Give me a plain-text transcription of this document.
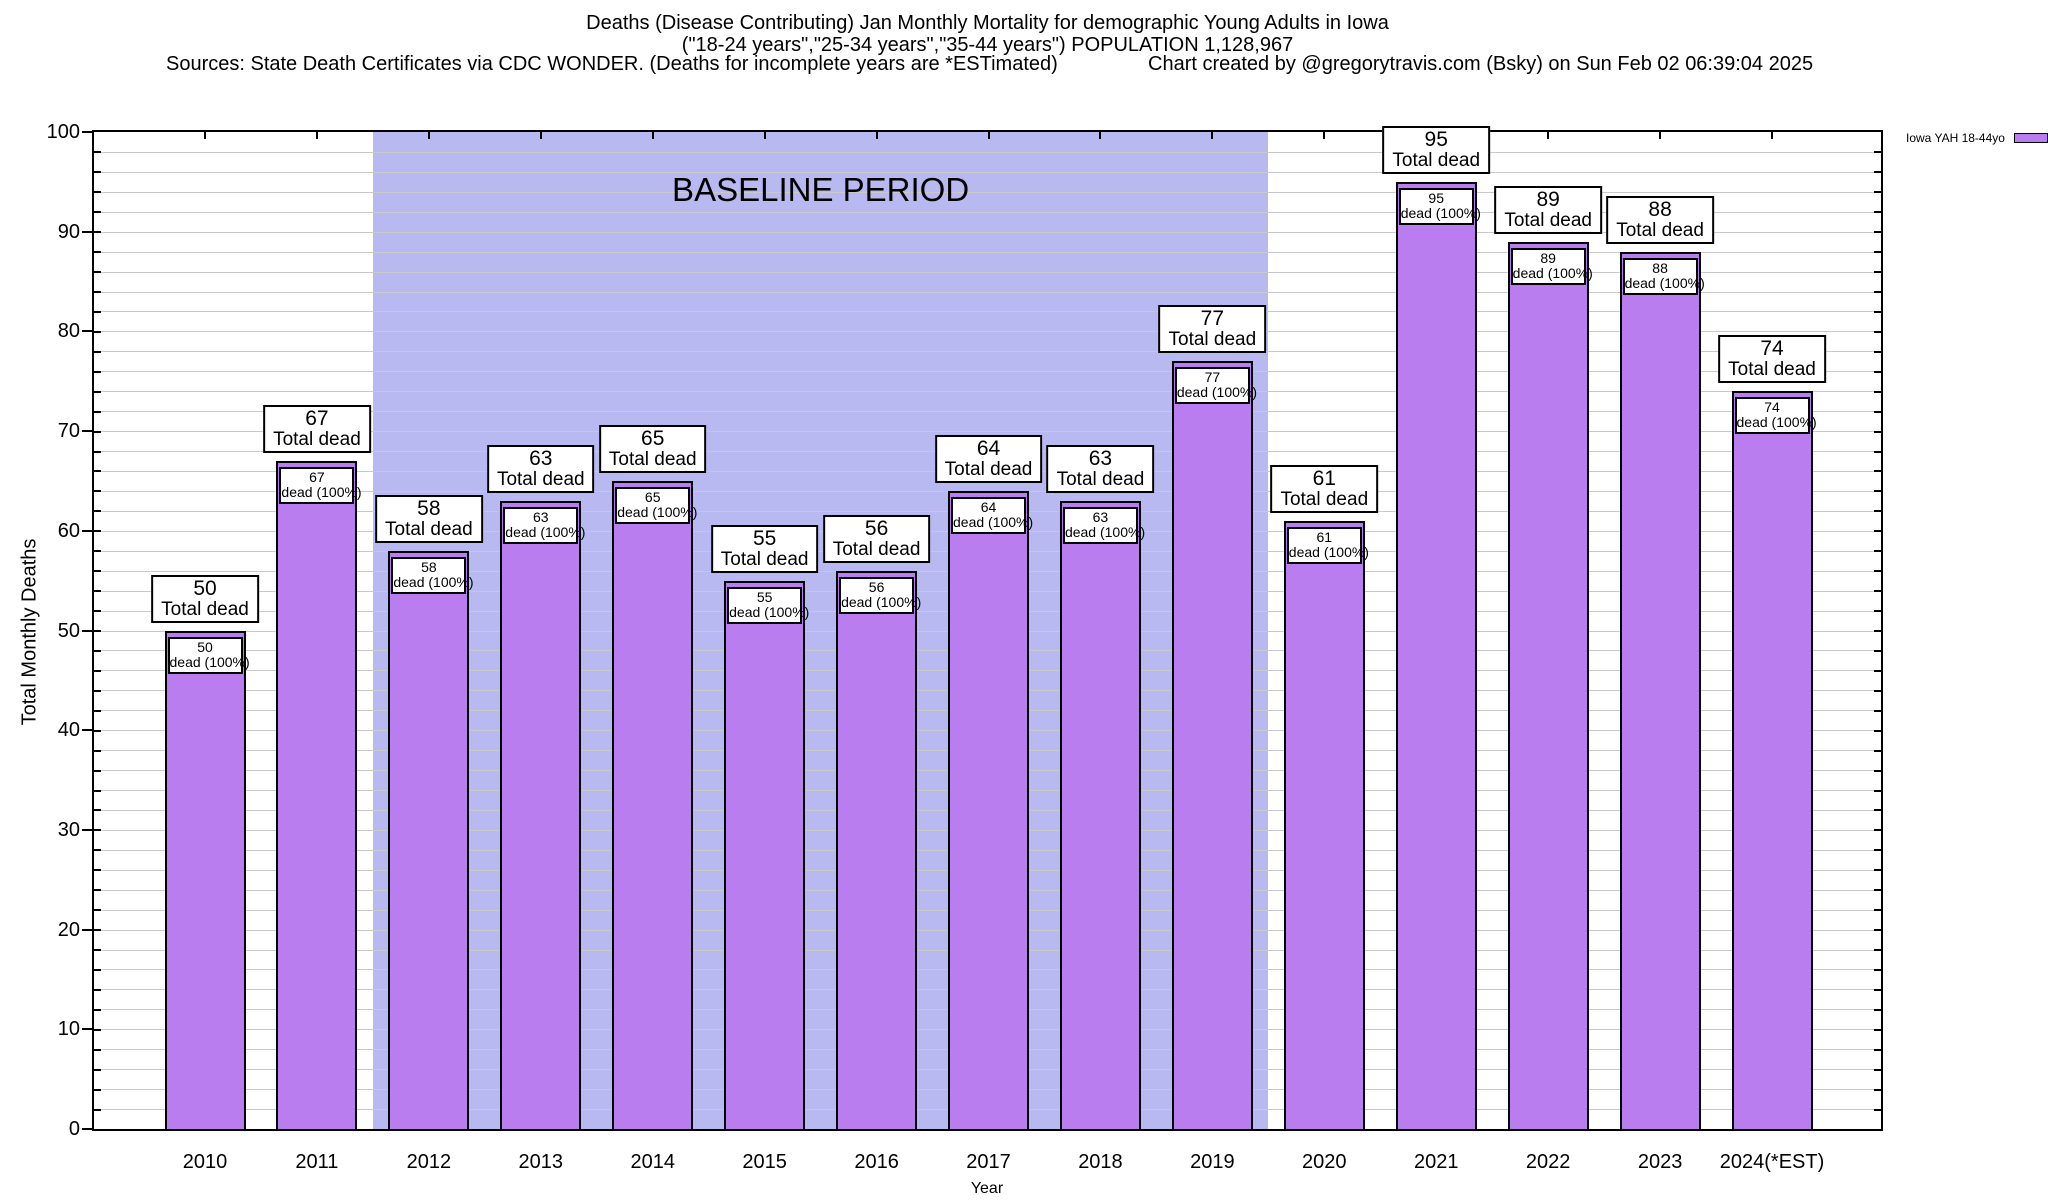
Deaths (Disease Contributing) Jan Monthly Mortality for demographic Young Adults in Iowa
("18-24 years","25-34 years","35-44 years") POPULATION 1,128,967
Sources: State Death Certificates via CDC WONDER. (Deaths for incomplete years are *ESTimated)	Chart created by @gregorytravis.com (Bsky) on Sun Feb 02 06:39:04 2025
Total Monthly Deaths	50
dead (100%)
50
Total dead
67
dead (100%)
67
Total dead
58
dead (100%)
58
Total dead
63
dead (100%)
63
Total dead
65
dead (100%)
65
Total dead
55
dead (100%)
55
Total dead
56
dead (100%)
56
Total dead
64
dead (100%)
64
Total dead
63
dead (100%)
63
Total dead
77
dead (100%)
77
Total dead
61
dead (100%)
61
Total dead
95
dead (100%)
95
Total dead
89
dead (100%)
89
Total dead
88
dead (100%)
88
Total dead
74
dead (100%)
74
Total dead
BASELINE PERIOD
0
10
20
30
40
50
60
70
80
90
100
2010	2011	2012	2013	2014	2015	2016	2017	2018	2019	2020	2021	2022	2023	2024(*EST)
Year
Iowa YAH 18-44yo
